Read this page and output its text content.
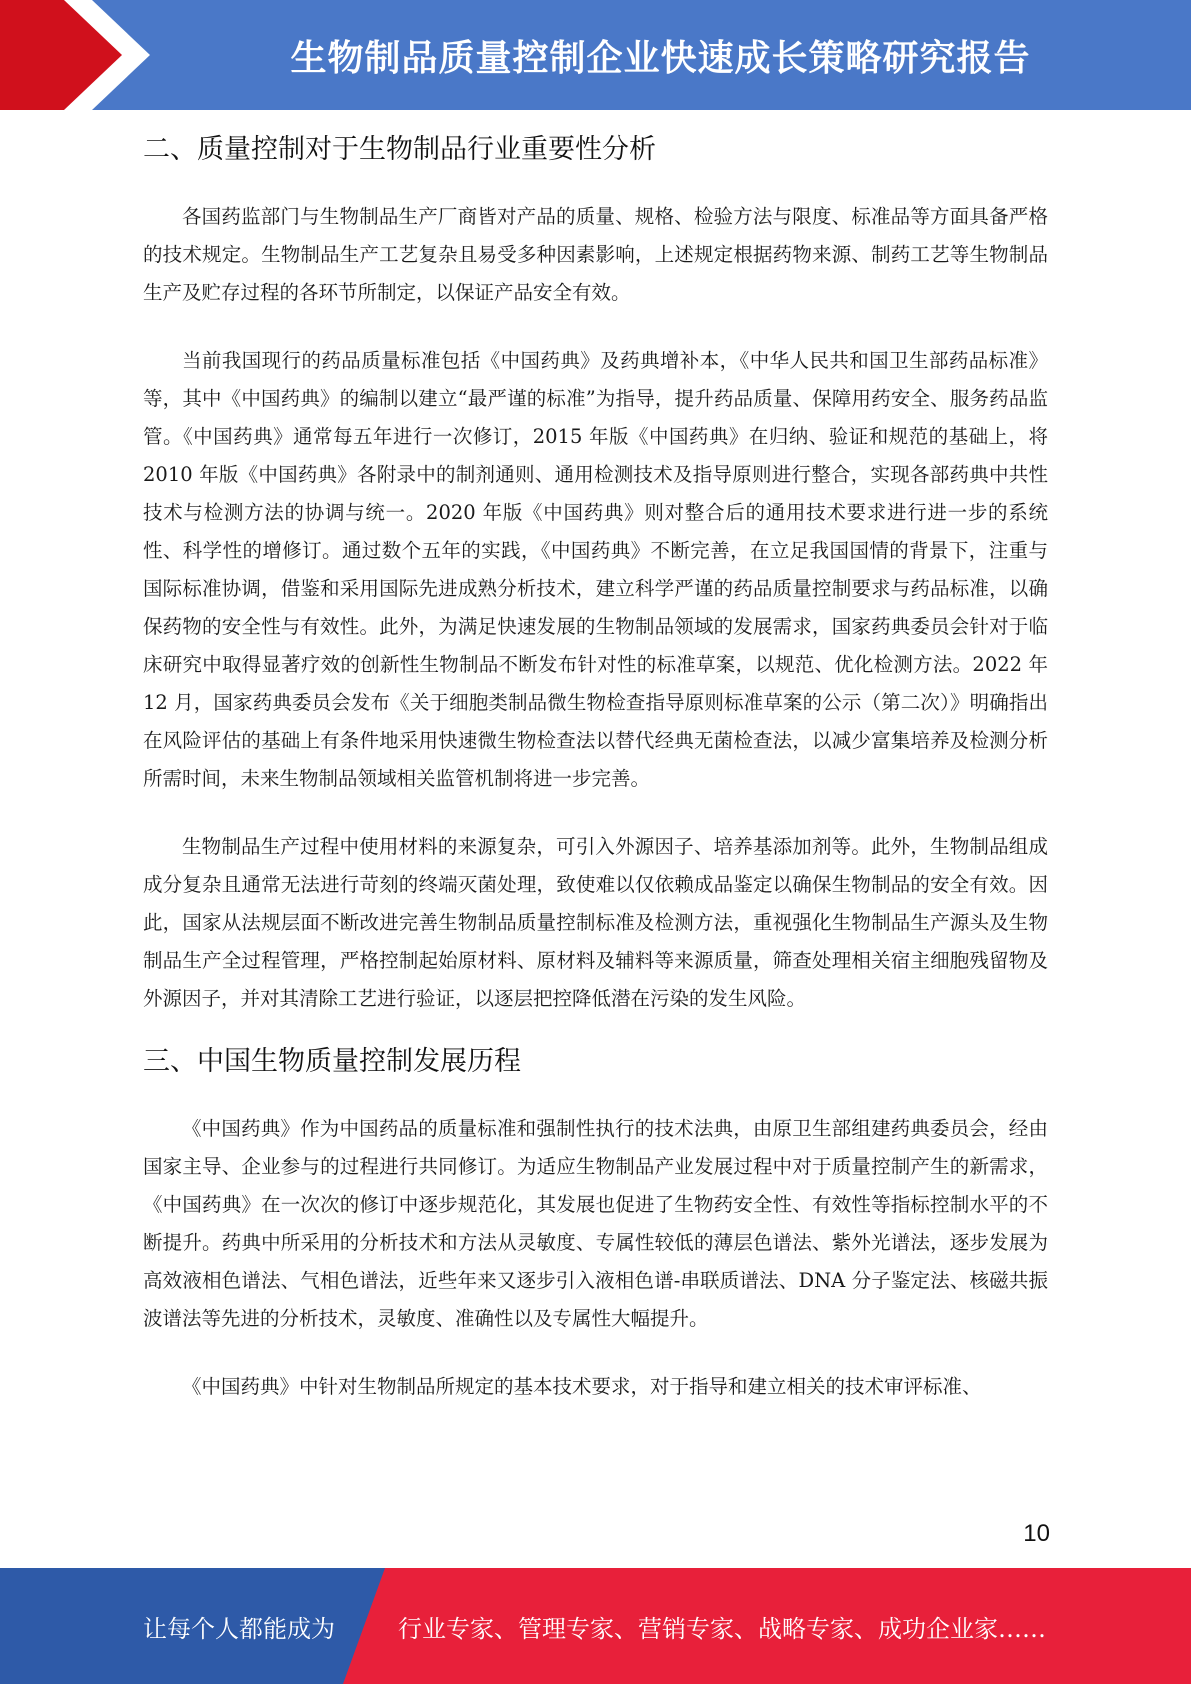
生物制品质量控制企业快速成长策略研究报告
二、质量控制对于生物制品行业重要性分析

各国药监部门与生物制品生产厂商皆对产品的质量、规格、检验方法与限度、标准品等方面具备严格的技术规定。生物制品生产工艺复杂且易受多种因素影响，上述规定根据药物来源、制药工艺等生物制品生产及贮存过程的各环节所制定，以保证产品安全有效。

当前我国现行的药品质量标准包括《中国药典》及药典增补本，《中华人民共和国卫生部药品标准》等，其中《中国药典》的编制以建立“最严谨的标准”为指导，提升药品质量、保障用药安全、服务药品监管。《中国药典》通常每五年进行一次修订，2015 年版《中国药典》在归纳、验证和规范的基础上，将 2010 年版《中国药典》各附录中的制剂通则、通用检测技术及指导原则进行整合，实现各部药典中共性技术与检测方法的协调与统一。2020 年版《中国药典》则对整合后的通用技术要求进行进一步的系统性、科学性的增修订。通过数个五年的实践，《中国药典》不断完善，在立足我国国情的背景下，注重与国际标准协调，借鉴和采用国际先进成熟分析技术，建立科学严谨的药品质量控制要求与药品标准，以确保药物的安全性与有效性。此外，为满足快速发展的生物制品领域的发展需求，国家药典委员会针对于临床研究中取得显著疗效的创新性生物制品不断发布针对性的标准草案，以规范、优化检测方法。2022 年 12 月，国家药典委员会发布《关于细胞类制品微生物检查指导原则标准草案的公示（第二次）》明确指出在风险评估的基础上有条件地采用快速微生物检查法以替代经典无菌检查法，以减少富集培养及检测分析所需时间，未来生物制品领域相关监管机制将进一步完善。

生物制品生产过程中使用材料的来源复杂，可引入外源因子、培养基添加剂等。此外，生物制品组成成分复杂且通常无法进行苛刻的终端灭菌处理，致使难以仅依赖成品鉴定以确保生物制品的安全有效。因此，国家从法规层面不断改进完善生物制品质量控制标准及检测方法，重视强化生物制品生产源头及生物制品生产全过程管理，严格控制起始原材料、原材料及辅料等来源质量，筛查处理相关宿主细胞残留物及外源因子，并对其清除工艺进行验证，以逐层把控降低潜在污染的发生风险。

三、中国生物质量控制发展历程

《中国药典》作为中国药品的质量标准和强制性执行的技术法典，由原卫生部组建药典委员会，经由国家主导、企业参与的过程进行共同修订。为适应生物制品产业发展过程中对于质量控制产生的新需求，《中国药典》在一次次的修订中逐步规范化，其发展也促进了生物药安全性、有效性等指标控制水平的不断提升。药典中所采用的分析技术和方法从灵敏度、专属性较低的薄层色谱法、紫外光谱法，逐步发展为高效液相色谱法、气相色谱法，近些年来又逐步引入液相色谱-串联质谱法、DNA 分子鉴定法、核磁共振波谱法等先进的分析技术，灵敏度、准确性以及专属性大幅提升。

《中国药典》中针对生物制品所规定的基本技术要求，对于指导和建立相关的技术审评标准、

10
让每个人都能成为	行业专家、管理专家、营销专家、战略专家、成功企业家……
